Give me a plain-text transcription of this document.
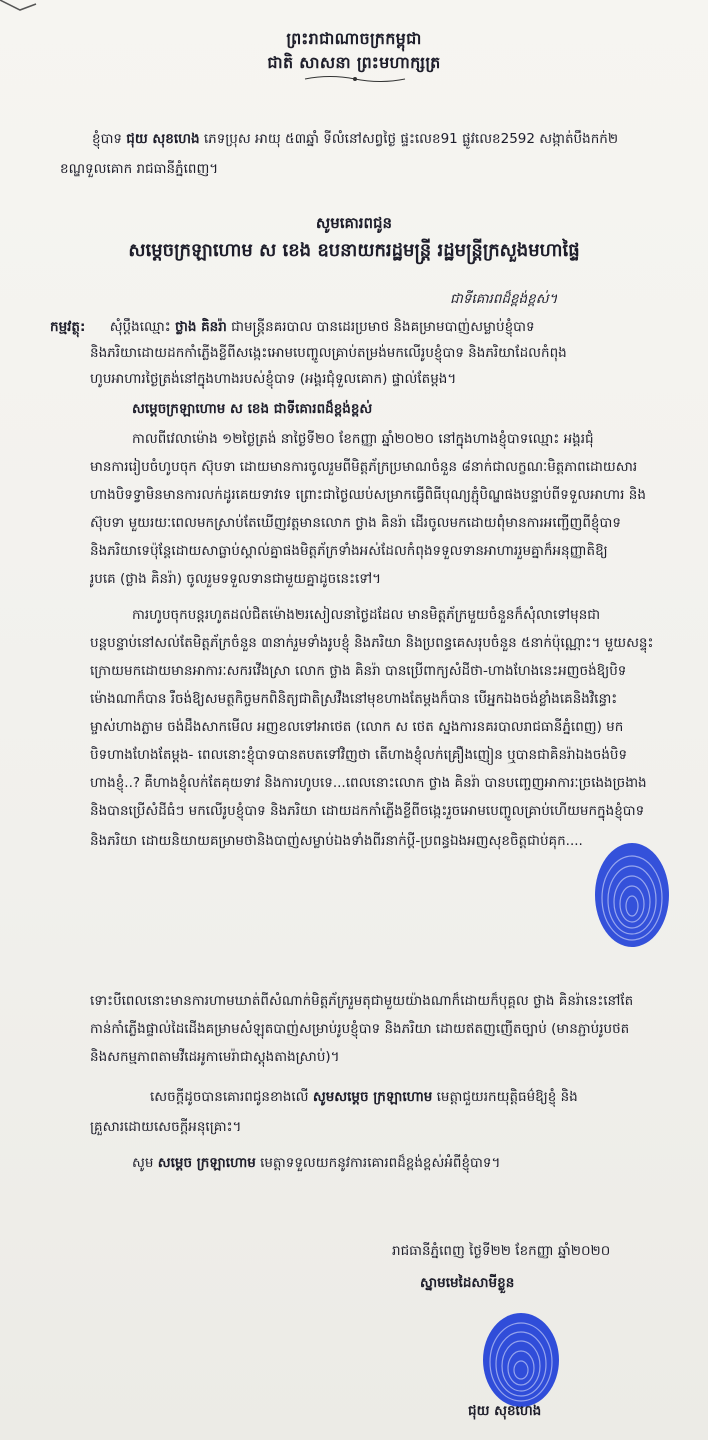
ព្រះរាជាណាចក្រកម្ពុជា
ជាតិ សាសនា ព្រះមហាក្សត្រ
ខ្ញុំបាទ ជុយ សុខហេង ភេទប្រុស អាយុ ៥៣ឆ្នាំ ទីលំនៅសព្វថ្ងៃ ផ្ទះលេខ91 ផ្លូវលេខ2592 សង្កាត់បឹងកក់២
ខណ្ឌទួលគោក រាជធានីភ្នំពេញ។
សូមគោរពជូន
សម្តេចក្រឡាហោម ស ខេង ឧបនាយករដ្ឋមន្ត្រី រដ្ឋមន្ត្រីក្រសួងមហាផ្ទៃ
ជាទីគោរពដ៏ខ្ពង់ខ្ពស់។
កម្មវត្ថុ: សុំប្តឹងឈ្មោះ ថ្លាង គិនរ៉ា ជាមន្ត្រីនគរបាល បានដេរប្រមាថ និងគម្រាមបាញ់សម្លាប់ខ្ញុំបាទ
និងភរិយាដោយដកកាំភ្លើងខ្លីពីសង្កេះអោមបេញ្ចូលគ្រាប់តម្រង់មកលើរូបខ្ញុំបាទ និងភរិយាដែលកំពុង
ហូបអាហារថ្ងៃត្រង់នៅក្នុងហាងរបស់ខ្ញុំបាទ (អង្គរជុំទួលគោក) ផ្ទាល់តែម្តង។
សម្តេចក្រឡាហោម ស ខេង ជាទីគោរពដ៏ខ្ពង់ខ្ពស់
កាលពីវេលាម៉ោង ១២ថ្ងៃត្រង់ នាថ្ងៃទី២០ ខែកញ្ញា ឆ្នាំ២០២០ នៅក្នុងហាងខ្ញុំបាទឈ្មោះ អង្គរជុំ
មានការរៀបចំហូបចុក ស៊ុបទា ដោយមានការចូលរួមពីមិត្តភ័ក្រប្រមាណចំនួន ៨នាក់ជាលក្ខណៈមិត្តភាពដោយសារ
ហាងបិទទ្វាមិនមានការលក់ដូរគេយទាវទេ ព្រោះជាថ្ងៃឈប់សម្រាកធ្វើពិធីបុណ្យភ្ជុំបិណ្ឌផងបន្ទាប់ពីទទួលអាហារ និង
ស៊ុបទា មួយរយៈពេលមកស្រាប់តែឃើញវត្តមានលោក ថ្លាង គិនរ៉ា ដើរចូលមកដោយពុំមានការអញ្ជើញពីខ្ញុំបាទ
និងភរិយាទេប៉ុន្តែដោយសាធ្លាប់ស្គាល់គ្នាផងមិត្តភ័ក្រទាំងអស់ដែលកំពុងទទួលទានអាហាររួមគ្នាក៏អនុញ្ញាតិឱ្យ
រូបគេ (ថ្លាង គិនរ៉ា) ចូលរួមទទួលទានជាមួយគ្នាដូចនេះទៅ។
ការហូបចុកបន្តរហូតដល់ជិតម៉ោង២រសៀលនាថ្ងៃដដែល មានមិត្តភ័ក្រមួយចំនួនក៏សុំលាទៅមុនជា
បន្តបន្ទាប់នៅសល់តែមិត្តភ័ក្រចំនួន ៣នាក់រួមទាំងរូបខ្ញុំ និងភរិយា និងប្រពន្ធគេសរុបចំនួន ៥នាក់ប៉ុណ្ណោះ។ មួយសន្ទុះ
ក្រោយមកដោយមានអាការៈសករវើងស្រា លោក ថ្លាង គិនរ៉ា បានប្រើពាក្យសំដីថា-ហាងហែងនេះអញចង់ឱ្យបិទ
ម៉ោងណាក៏បាន រឺចង់ឱ្យសមត្ថកិច្ចមកពិនិត្យជាតិស្រវឹងនៅមុខហាងតែម្តងក៏បាន បើអ្នកឯងចង់ខ្លាំងគេនិងវិន្ធោះ
ម្ចាស់ហាងភ្លាម ចង់ដឹងសាកមើល អញខលទៅអាថេត (លោក ស ថេត ស្នងការនគរបាលរាជធានីភ្នំពេញ) មក
បិទហាងហែងតែម្តង- ពេលនោះខ្ញុំបាទបានតបតទៅវិញថា តើហាងខ្ញុំលក់គ្រឿងញៀន ឬបានជាគិនរ៉ាឯងចង់បិទ
ហាងខ្ញុំ..? គឺហាងខ្ញុំលក់តែគុយទាវ និងការហូបទេ...ពេលនោះលោក ថ្លាង គិនរ៉ា បានបញ្ចេញអាការៈច្រងេងច្រងាង
និងបានប្រើសំដីធំៗ មកលើរូបខ្ញុំបាទ និងភរិយា ដោយដកកាំភ្លើងខ្លីពីចង្កេះរួចអោមបេញ្ចូលគ្រាប់ហើយមកក្នុងខ្ញុំបាទ
និងភរិយា ដោយនិយាយគម្រាមថានិងបាញ់សម្លាប់ឯងទាំងពីរនាក់ប្តី-ប្រពន្ធឯងអញសុខចិត្តជាប់គុក....
ទោះបីពេលនោះមានការហាមឃាត់ពីសំណាក់មិត្តភ័ក្ររួមតុជាមួយយ៉ាងណាក៏ដោយក៏បុគ្គល ថ្លាង គិនរ៉ានេះនៅតែ
កាន់កាំភ្លើងផ្ទាល់ដៃដើងគម្រាមសំឡុតបាញ់សម្រាប់រូបខ្ញុំបាទ និងភរិយា ដោយឥតញញើតច្បាប់ (មានភ្ជាប់រូបថត
និងសកម្មភាពតាមវីដេអូកាមេរ៉ាជាស្តុងតាងស្រាប់)។
សេចក្តីដូចបានគោរពជូនខាងលើ សូមសម្តេច ក្រឡាហោម មេត្តាជួយរកយុត្តិធម៌ឱ្យខ្ញុំ និង
គ្រួសារដោយសេចក្តីអនុគ្រោះ។
សូម សម្តេច ក្រឡាហោម មេត្តាទទួលយកនូវការគោរពដ៏ខ្ពង់ខ្ពស់អំពីខ្ញុំបាទ។
រាជធានីភ្នំពេញ ថ្ងៃទី២២ ខែកញ្ញា ឆ្នាំ២០២០
ស្នាមមេដៃសាមីខ្លួន
ជុយ សុខហេង
